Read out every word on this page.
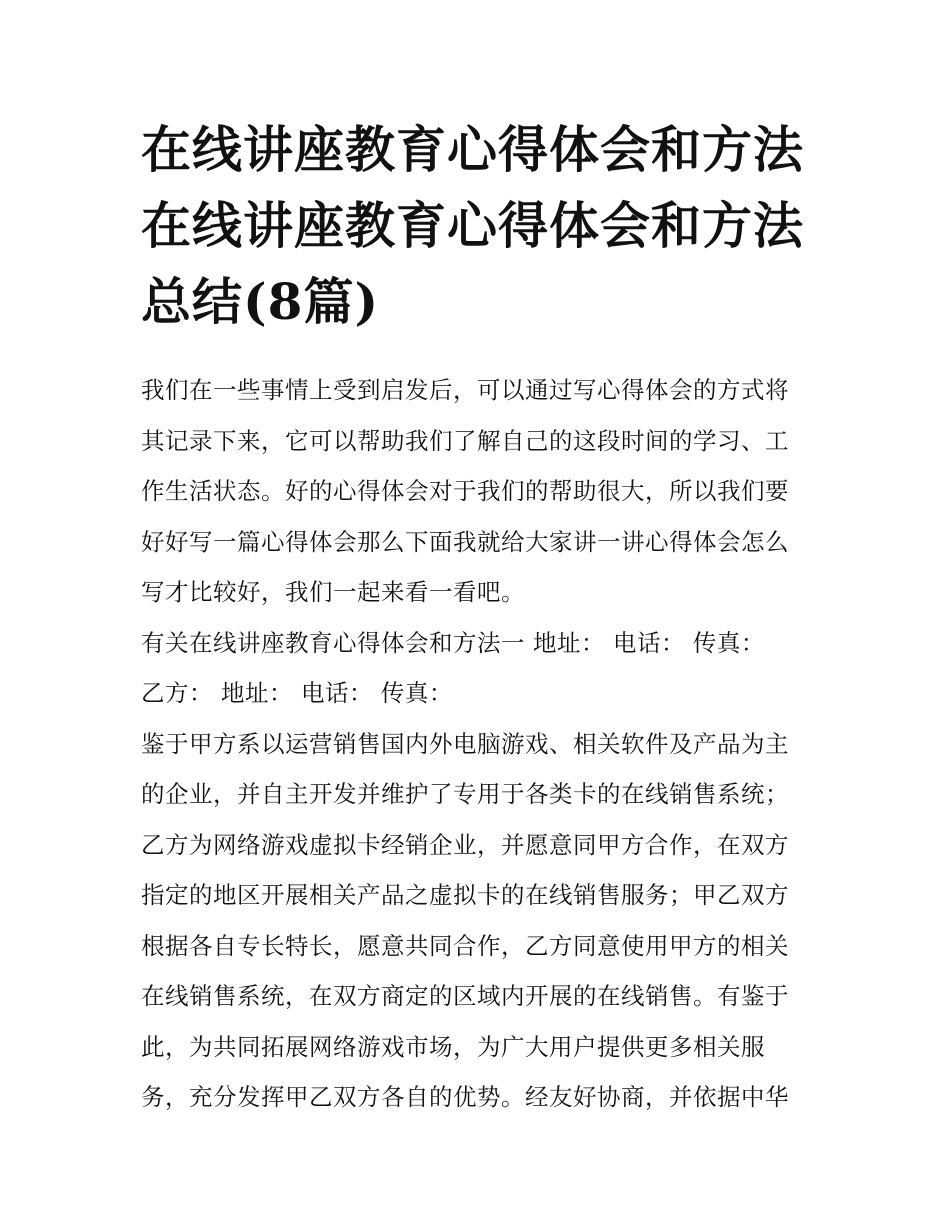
在线讲座教育心得体会和方法
在线讲座教育心得体会和方法
总结(8篇)
我们在一些事情上受到启发后，可以通过写心得体会的方式将
其记录下来，它可以帮助我们了解自己的这段时间的学习、工
作生活状态。好的心得体会对于我们的帮助很大，所以我们要
好好写一篇心得体会那么下面我就给大家讲一讲心得体会怎么
写才比较好，我们一起来看一看吧。
有关在线讲座教育心得体会和方法一 地址： 电话： 传真：
乙方： 地址： 电话： 传真：
鉴于甲方系以运营销售国内外电脑游戏、相关软件及产品为主
的企业，并自主开发并维护了专用于各类卡的在线销售系统；
乙方为网络游戏虚拟卡经销企业，并愿意同甲方合作，在双方
指定的地区开展相关产品之虚拟卡的在线销售服务；甲乙双方
根据各自专长特长，愿意共同合作，乙方同意使用甲方的相关
在线销售系统，在双方商定的区域内开展的在线销售。有鉴于
此，为共同拓展网络游戏市场，为广大用户提供更多相关服
务，充分发挥甲乙双方各自的优势。经友好协商，并依据中华
